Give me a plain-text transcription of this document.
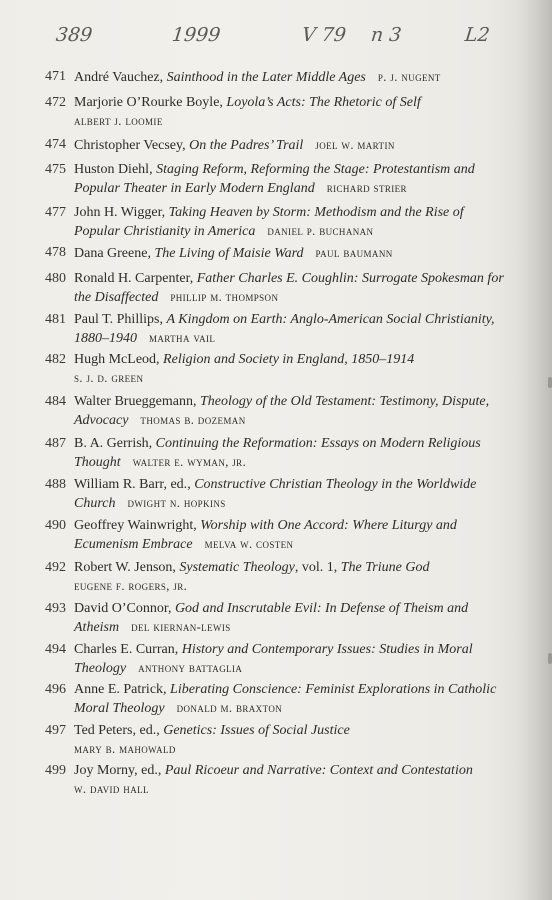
389	1999	V 79 n 3	L2
471 André Vauchez, Sainthood in the Later Middle Ages p. j. nugent
472 Marjorie O’Rourke Boyle, Loyola’s Acts: The Rhetoric of Self
albert j. loomie
474 Christopher Vecsey, On the Padres’ Trail joel w. martin
475 Huston Diehl, Staging Reform, Reforming the Stage: Protestantism and Popular Theater in Early Modern England richard strier
477 John H. Wigger, Taking Heaven by Storm: Methodism and the Rise of Popular Christianity in America daniel p. buchanan
478 Dana Greene, The Living of Maisie Ward paul baumann
480 Ronald H. Carpenter, Father Charles E. Coughlin: Surrogate Spokesman for the Disaffected phillip m. thompson
481 Paul T. Phillips, A Kingdom on Earth: Anglo-American Social Christianity, 1880–1940 martha vail
482 Hugh McLeod, Religion and Society in England, 1850–1914
s. j. d. green
484 Walter Brueggemann, Theology of the Old Testament: Testimony, Dispute, Advocacy thomas b. dozeman
487 B. A. Gerrish, Continuing the Reformation: Essays on Modern Religious Thought walter e. wyman, jr.
488 William R. Barr, ed., Constructive Christian Theology in the Worldwide Church dwight n. hopkins
490 Geoffrey Wainwright, Worship with One Accord: Where Liturgy and Ecumenism Embrace melva w. costen
492 Robert W. Jenson, Systematic Theology, vol. 1, The Triune God
eugene f. rogers, jr.
493 David O’Connor, God and Inscrutable Evil: In Defense of Theism and Atheism del kiernan-lewis
494 Charles E. Curran, History and Contemporary Issues: Studies in Moral Theology anthony battaglia
496 Anne E. Patrick, Liberating Conscience: Feminist Explorations in Catholic Moral Theology donald m. braxton
497 Ted Peters, ed., Genetics: Issues of Social Justice
mary b. mahowald
499 Joy Morny, ed., Paul Ricoeur and Narrative: Context and Contestation
w. david hall
